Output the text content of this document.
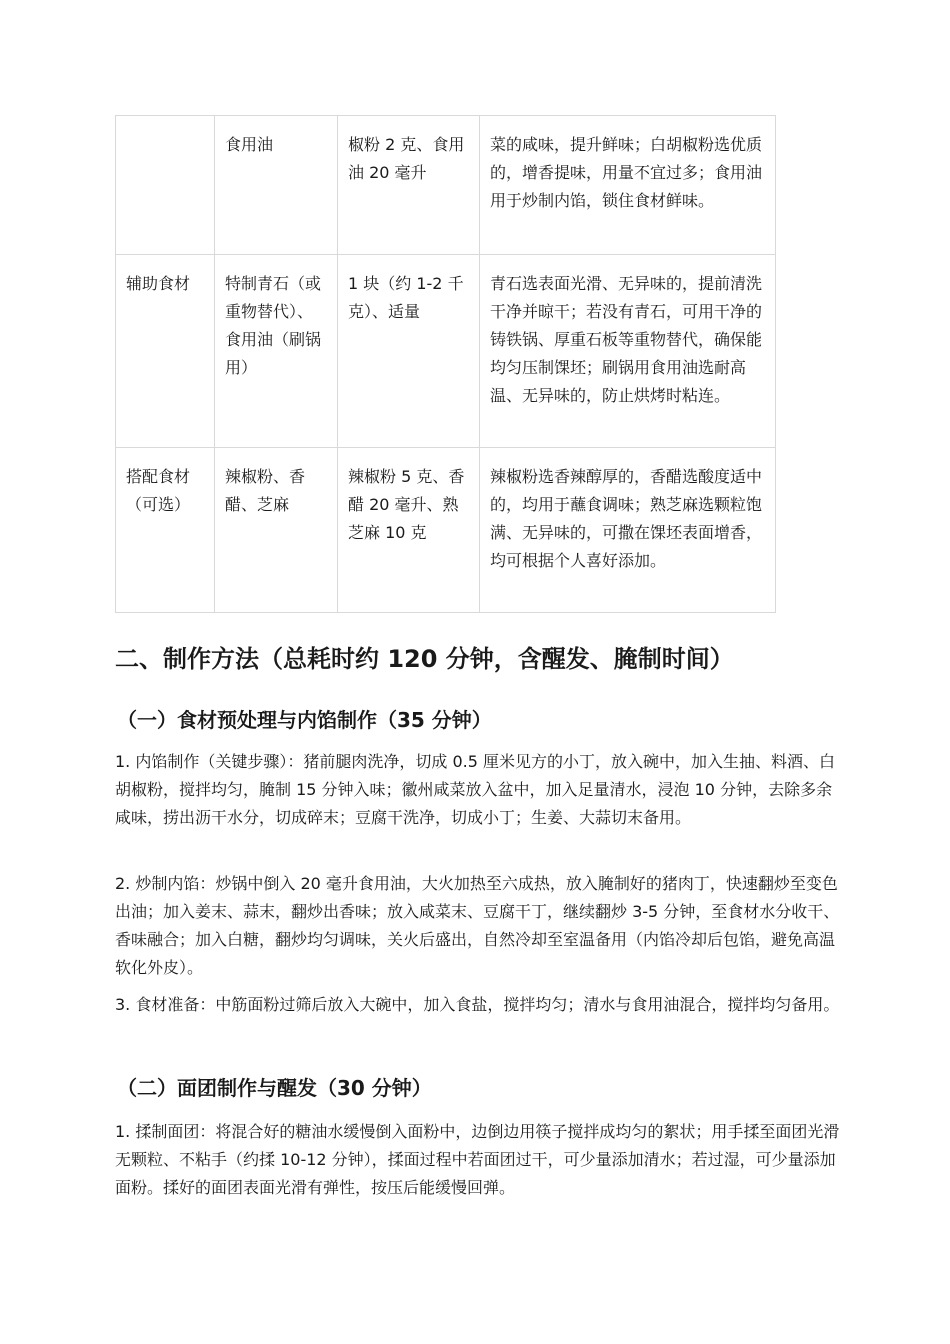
	食用油	椒粉 2 克、食用油 20 毫升	菜的咸味，提升鲜味；白胡椒粉选优质的，增香提味，用量不宜过多；食用油用于炒制内馅，锁住食材鲜味。
辅助食材	特制青石（或重物替代）、食用油（刷锅用）	1 块（约 1-2 千克）、适量	青石选表面光滑、无异味的，提前清洗干净并晾干；若没有青石，可用干净的铸铁锅、厚重石板等重物替代，确保能均匀压制馃坯；刷锅用食用油选耐高温、无异味的，防止烘烤时粘连。
搭配食材（可选）	辣椒粉、香醋、芝麻	辣椒粉 5 克、香醋 20 毫升、熟芝麻 10 克	辣椒粉选香辣醇厚的，香醋选酸度适中的，均用于蘸食调味；熟芝麻选颗粒饱满、无异味的，可撒在馃坯表面增香，均可根据个人喜好添加。
二、制作方法（总耗时约 120 分钟，含醒发、腌制时间）
（一）食材预处理与内馅制作（35 分钟）

1. 内馅制作（关键步骤）：猪前腿肉洗净，切成 0.5 厘米见方的小丁，放入碗中，加入生抽、料酒、白胡椒粉，搅拌均匀，腌制 15 分钟入味；徽州咸菜放入盆中，加入足量清水，浸泡 10 分钟，去除多余咸味，捞出沥干水分，切成碎末；豆腐干洗净，切成小丁；生姜、大蒜切末备用。

2. 炒制内馅：炒锅中倒入 20 毫升食用油，大火加热至六成热，放入腌制好的猪肉丁，快速翻炒至变色出油；加入姜末、蒜末，翻炒出香味；放入咸菜末、豆腐干丁，继续翻炒 3-5 分钟，至食材水分收干、香味融合；加入白糖，翻炒均匀调味，关火后盛出，自然冷却至室温备用（内馅冷却后包馅，避免高温软化外皮）。

3. 食材准备：中筋面粉过筛后放入大碗中，加入食盐，搅拌均匀；清水与食用油混合，搅拌均匀备用。

（二）面团制作与醒发（30 分钟）

1. 揉制面团：将混合好的糖油水缓慢倒入面粉中，边倒边用筷子搅拌成均匀的絮状；用手揉至面团光滑无颗粒、不粘手（约揉 10-12 分钟），揉面过程中若面团过干，可少量添加清水；若过湿，可少量添加面粉。揉好的面团表面光滑有弹性，按压后能缓慢回弹。
